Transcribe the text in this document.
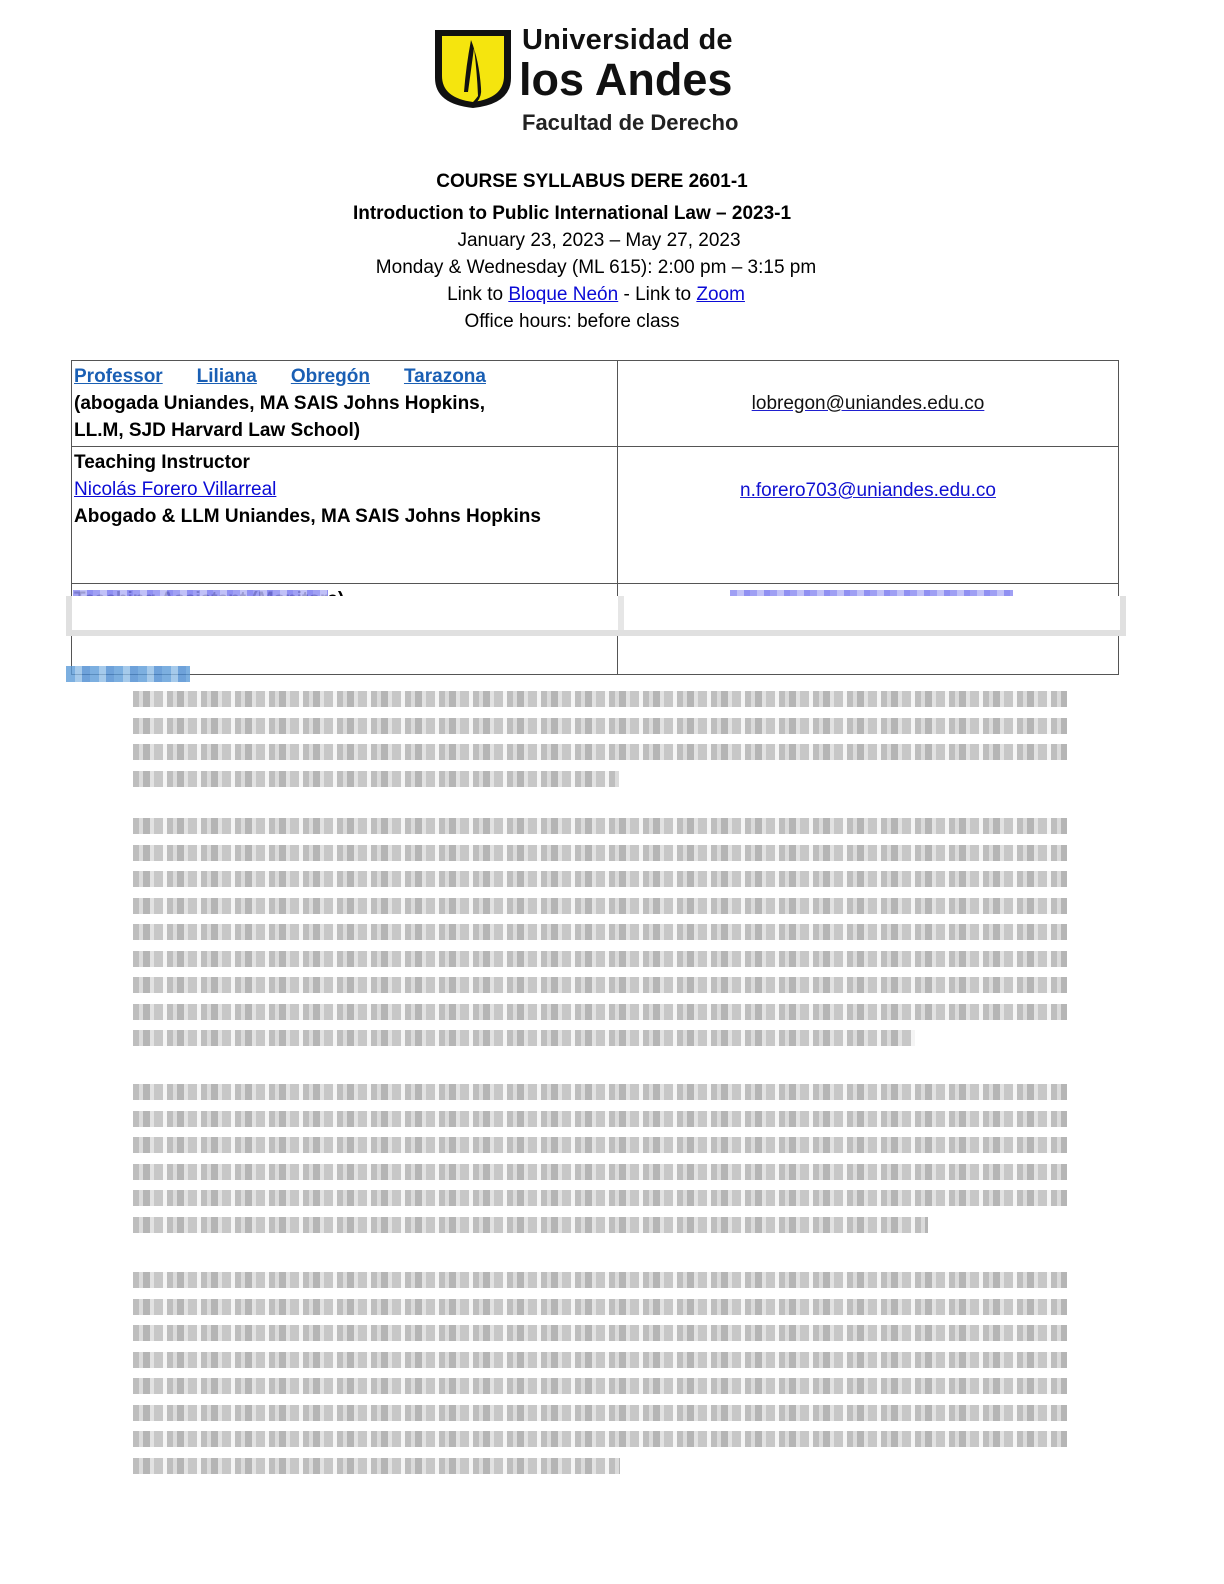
Universidad de
los Andes
Facultad de Derecho
COURSE SYLLABUS DERE 2601-1
Introduction to Public International Law – 2023-1
January 23, 2023 – May 27, 2023
Monday & Wednesday (ML 615): 2:00 pm – 3:15 pm
Link to Bloque Neón - Link to Zoom
Office hours: before class
Professor Liliana Obregón Tarazona
(abogada Uniandes, MA SAIS Johns Hopkins,
LL.M, SJD Harvard Law School)
	lobregon@uniandes.edu.co

Teaching Instructor
Nicolás Forero Villarreal
Abogado & LLM Uniandes, MA SAIS Johns Hopkins	n.forero703@uniandes.edu.co
